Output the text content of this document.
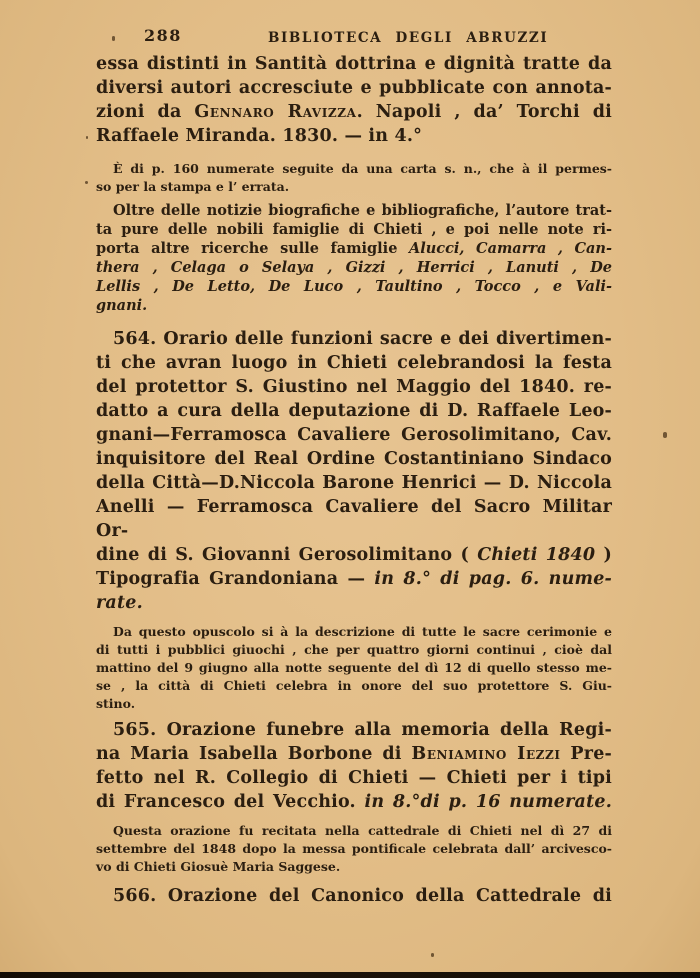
288	BIBLIOTECA DEGLI ABRUZZI
essa distinti in Santità dottrina e dignità tratte da
diversi autori accresciute e pubblicate con annota-
zioni da Gennaro Ravizza. Napoli , da’ Torchi di
Raffaele Miranda. 1830. — in 4.°
È di p. 160 numerate seguite da una carta s. n., che à il permes-
so per la stampa e l’ errata.
Oltre delle notizie biografiche e bibliografiche, l’autore trat-
ta pure delle nobili famiglie di Chieti , e poi nelle note ri-
porta altre ricerche sulle famiglie Alucci, Camarra , Can-
thera , Celaga o Selaya , Gizzi , Herrici , Lanuti , De
Lellis , De Letto, De Luco , Taultino , Tocco , e Vali-
gnani.
564. Orario delle funzioni sacre e dei divertimen-
ti che avran luogo in Chieti celebrandosi la festa
del protettor S. Giustino nel Maggio del 1840. re-
datto a cura della deputazione di D. Raffaele Leo-
gnani—Ferramosca Cavaliere Gerosolimitano, Cav.
inquisitore del Real Ordine Costantiniano Sindaco
della Città—D.Niccola Barone Henrici — D. Niccola
Anelli — Ferramosca Cavaliere del Sacro Militar Or-
dine di S. Giovanni Gerosolimitano ( Chieti 1840 )
Tipografia Grandoniana — in 8.° di pag. 6. nume-
rate.
Da questo opuscolo si à la descrizione di tutte le sacre cerimonie e
di tutti i pubblici giuochi , che per quattro giorni continui , cioè dal
mattino del 9 giugno alla notte seguente del dì 12 di quello stesso me-
se , la città di Chieti celebra in onore del suo protettore S. Giu-
stino.
565. Orazione funebre alla memoria della Regi-
na Maria Isabella Borbone di Beniamino Iezzi Pre-
fetto nel R. Collegio di Chieti — Chieti per i tipi
di Francesco del Vecchio. in 8.°di p. 16 numerate.
Questa orazione fu recitata nella cattedrale di Chieti nel dì 27 di
settembre del 1848 dopo la messa pontificale celebrata dall’ arcivesco-
vo di Chieti Giosuè Maria Saggese.
566. Orazione del Canonico della Cattedrale di
